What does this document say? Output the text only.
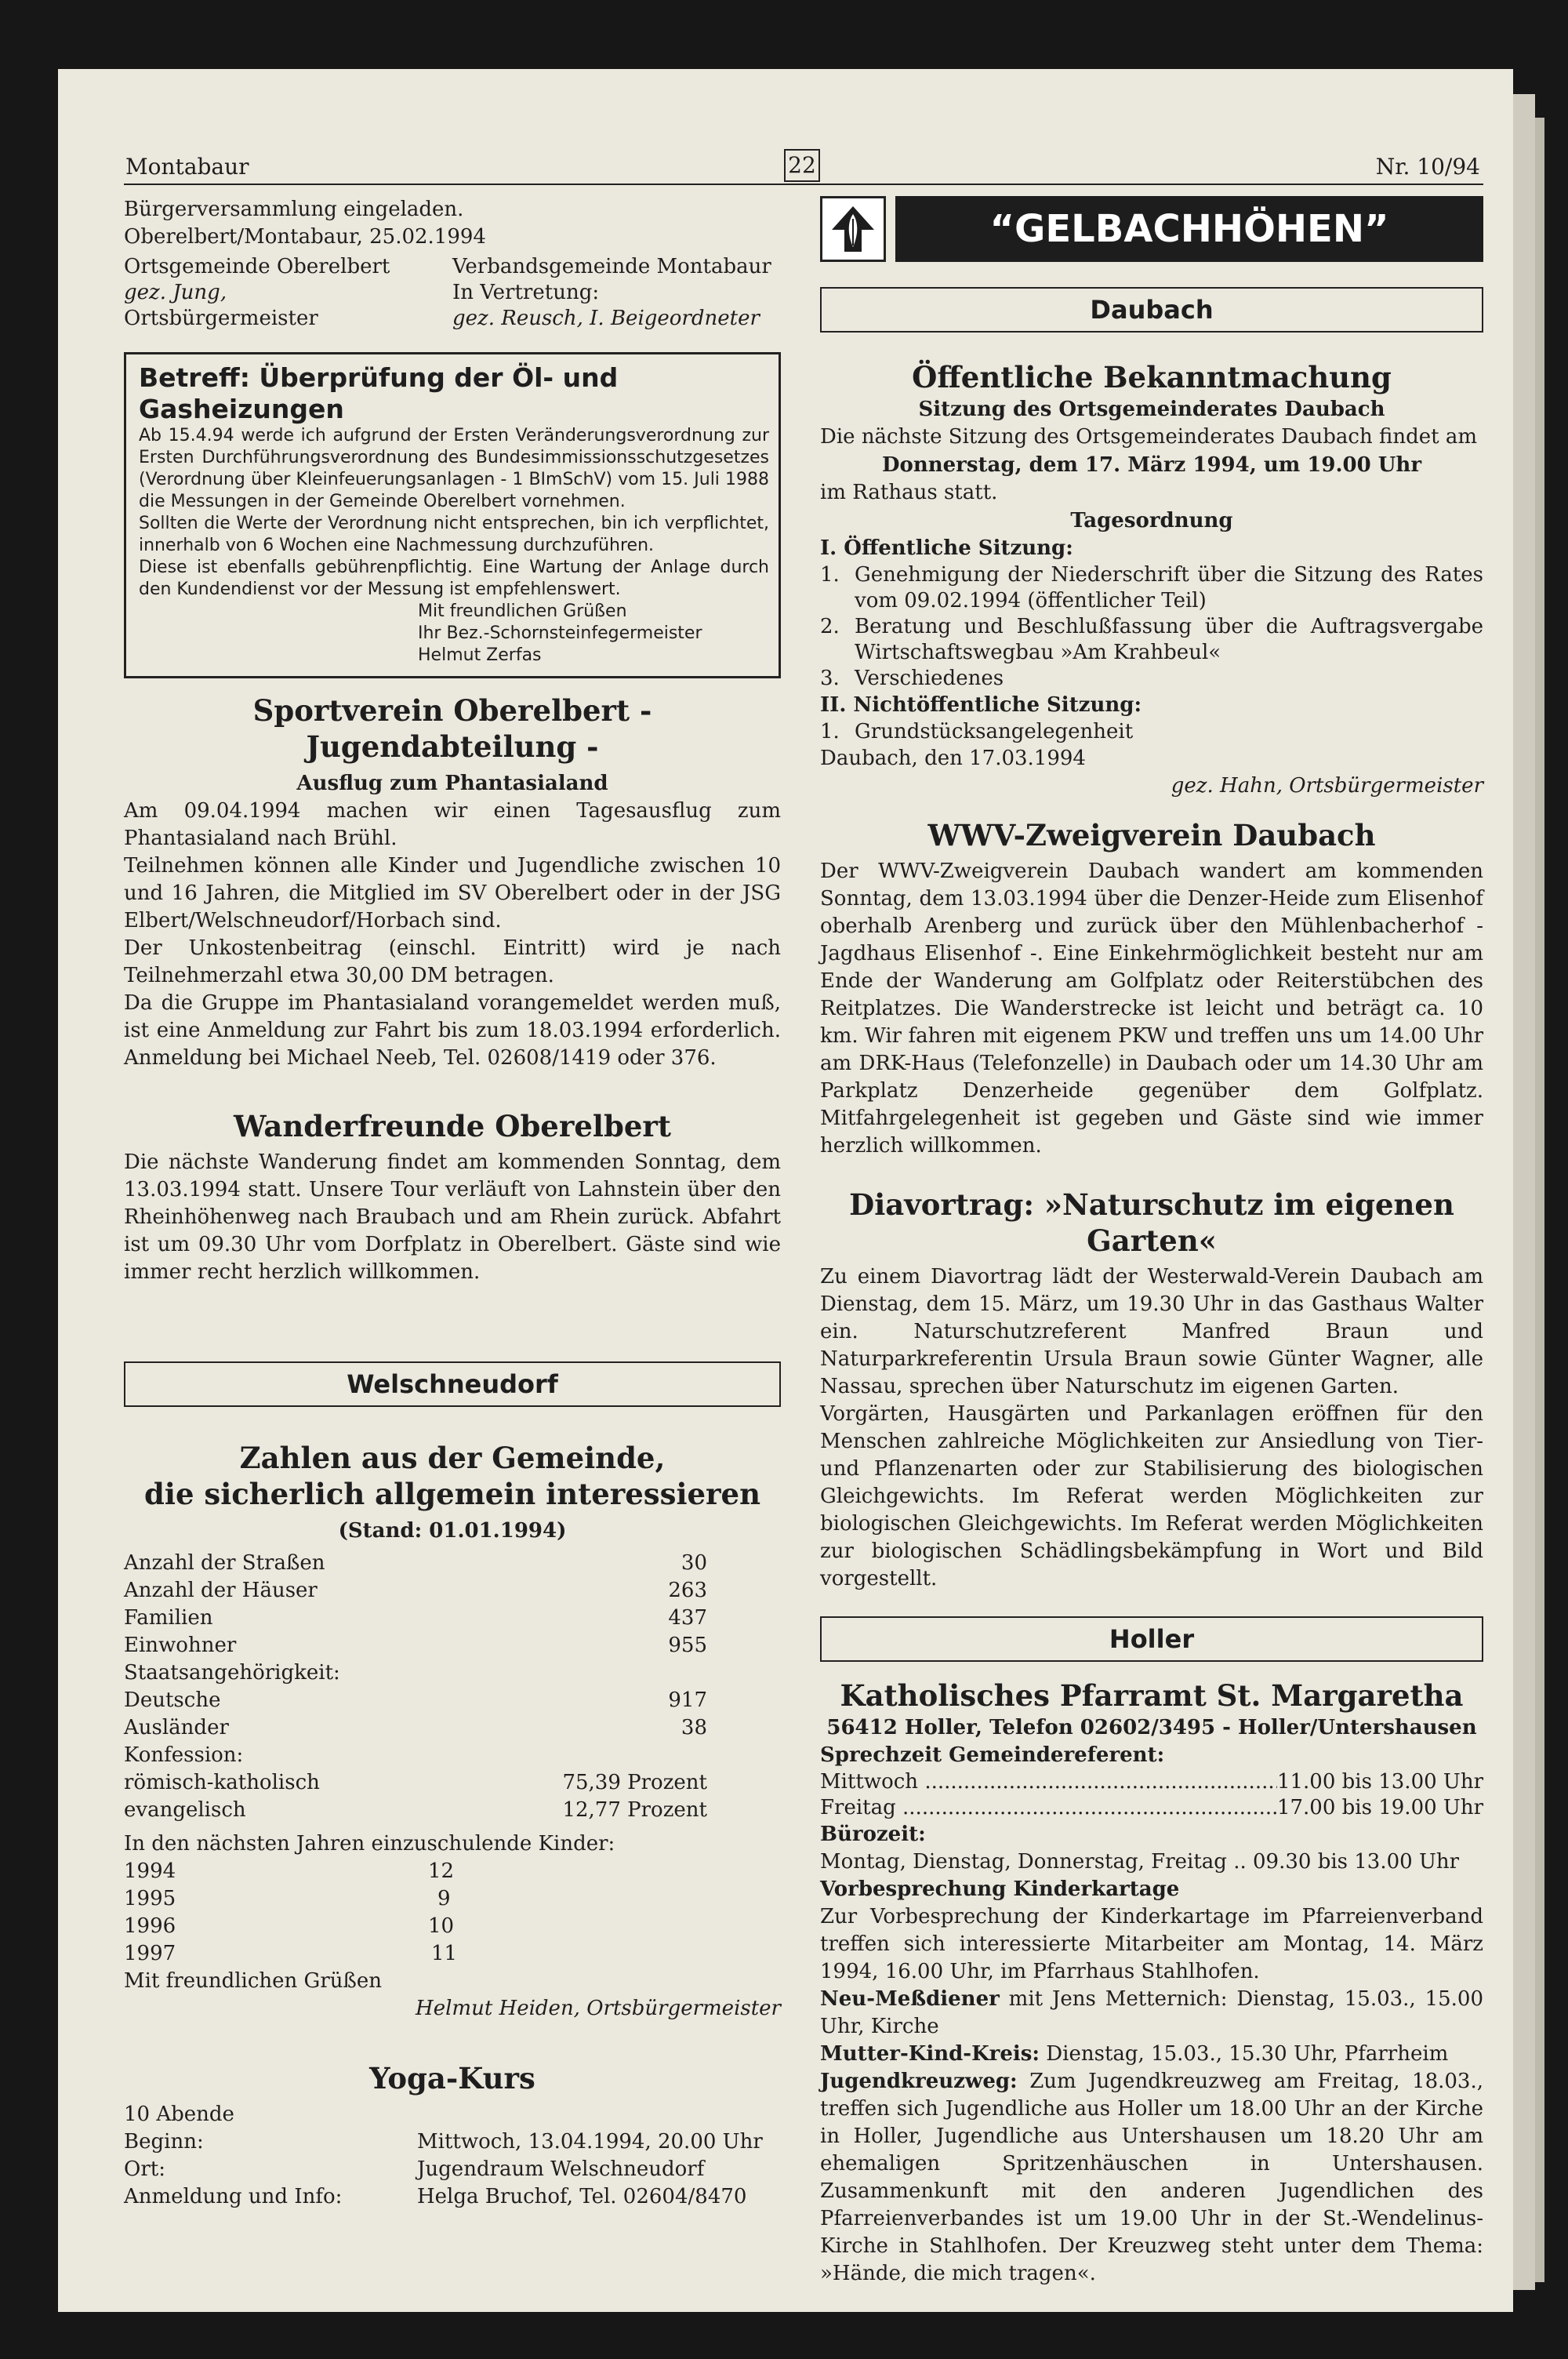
Montabaur	22	Nr. 10/94

Bürgerversammlung eingeladen.

Oberelbert/Montabaur, 25.02.1994

Ortsgemeinde Oberelbert
gez. Jung,
Ortsbürgermeister
Verbandsgemeinde Montabaur
In Vertretung:
gez. Reusch, I. Beigeordneter
Betreff: Überprüfung der Öl- und Gasheizungen

Ab 15.4.94 werde ich aufgrund der Ersten Veränderungsverordnung zur Ersten Durchführungsverordnung des Bundesimmissionsschutzgesetzes (Verordnung über Kleinfeuerungsanlagen - 1 BImSchV) vom 15. Juli 1988 die Messungen in der Gemeinde Oberelbert vornehmen.

Sollten die Werte der Verordnung nicht entsprechen, bin ich verpflichtet, innerhalb von 6 Wochen eine Nachmessung durchzuführen.

Diese ist ebenfalls gebührenpflichtig. Eine Wartung der Anlage durch den Kundendienst vor der Messung ist empfehlenswert.

Mit freundlichen Grüßen
Ihr Bez.-Schornsteinfegermeister
Helmut Zerfas
Sportverein Oberelbert - Jugendabteilung -
Ausflug zum Phantasialand

Am 09.04.1994 machen wir einen Tagesausflug zum Phantasialand nach Brühl.

Teilnehmen können alle Kinder und Jugendliche zwischen 10 und 16 Jahren, die Mitglied im SV Oberelbert oder in der JSG Elbert/Welschneudorf/Horbach sind.

Der Unkostenbeitrag (einschl. Eintritt) wird je nach Teilnehmerzahl etwa 30,00 DM betragen.

Da die Gruppe im Phantasialand vorangemeldet werden muß, ist eine Anmeldung zur Fahrt bis zum 18.03.1994 erforderlich. Anmeldung bei Michael Neeb, Tel. 02608/1419 oder 376.

Wanderfreunde Oberelbert

Die nächste Wanderung findet am kommenden Sonntag, dem 13.03.1994 statt. Unsere Tour verläuft von Lahnstein über den Rheinhöhenweg nach Braubach und am Rhein zurück. Abfahrt ist um 09.30 Uhr vom Dorfplatz in Oberelbert. Gäste sind wie immer recht herzlich willkommen.

Welschneudorf
Zahlen aus der Gemeinde,
die sicherlich allgemein interessieren
(Stand: 01.01.1994)
Anzahl der Straßen	30
Anzahl der Häuser	263
Familien	437
Einwohner	955
Staatsangehörigkeit:
Deutsche	917
Ausländer	38
Konfession:
römisch-katholisch	75,39 Prozent
evangelisch	12,77 Prozent
In den nächsten Jahren einzuschulende Kinder:
1994	12
1995	9
1996	10
1997	11
Mit freundlichen Grüßen
Helmut Heiden, Ortsbürgermeister
Yoga-Kurs
10 Abende
Beginn:	Mittwoch, 13.04.1994, 20.00 Uhr
Ort:	Jugendraum Welschneudorf
Anmeldung und Info:	Helga Bruchof, Tel. 02604/8470
“GELBACHHÖHEN”
Daubach
Öffentliche Bekanntmachung
Sitzung des Ortsgemeinderates Daubach

Die nächste Sitzung des Ortsgemeinderates Daubach findet am

Donnerstag, dem 17. März 1994, um 19.00 Uhr

im Rathaus statt.

Tagesordnung

I. Öffentliche Sitzung:

1. Genehmigung der Niederschrift über die Sitzung des Rates vom 09.02.1994 (öffentlicher Teil)
2. Beratung und Beschlußfassung über die Auftragsvergabe Wirtschaftswegbau »Am Krahbeul«
3. Verschiedenes

II. Nichtöffentliche Sitzung:

1. Grundstücksangelegenheit

Daubach, den 17.03.1994

gez. Hahn, Ortsbürgermeister

WWV-Zweigverein Daubach

Der WWV-Zweigverein Daubach wandert am kommenden Sonntag, dem 13.03.1994 über die Denzer-Heide zum Elisenhof oberhalb Arenberg und zurück über den Mühlenbacherhof - Jagdhaus Elisenhof -. Eine Einkehrmöglichkeit besteht nur am Ende der Wanderung am Golfplatz oder Reiterstübchen des Reitplatzes. Die Wanderstrecke ist leicht und beträgt ca. 10 km. Wir fahren mit eigenem PKW und treffen uns um 14.00 Uhr am DRK-Haus (Telefonzelle) in Daubach oder um 14.30 Uhr am Parkplatz Denzerheide gegenüber dem Golfplatz. Mitfahrgelegenheit ist gegeben und Gäste sind wie immer herzlich willkommen.

Diavortrag: »Naturschutz im eigenen Garten«

Zu einem Diavortrag lädt der Westerwald-Verein Daubach am Dienstag, dem 15. März, um 19.30 Uhr in das Gasthaus Walter ein. Naturschutzreferent Manfred Braun und Naturparkreferentin Ursula Braun sowie Günter Wagner, alle Nassau, sprechen über Naturschutz im eigenen Garten.

Vorgärten, Hausgärten und Parkanlagen eröffnen für den Menschen zahlreiche Möglichkeiten zur Ansiedlung von Tier- und Pflanzenarten oder zur Stabilisierung des biologischen Gleichgewichts. Im Referat werden Möglichkeiten zur biologischen Gleichgewichts. Im Referat werden Möglichkeiten zur biologischen Schädlingsbekämpfung in Wort und Bild vorgestellt.

Holler
Katholisches Pfarramt St. Margaretha
56412 Holler, Telefon 02602/3495 - Holler/Untershausen

Sprechzeit Gemeindereferent:

Mittwoch .....	11.00 bis 13.00 Uhr
Freitag .....	17.00 bis 19.00 Uhr

Bürozeit:

Montag, Dienstag, Donnerstag, Freitag .. 09.30 bis 13.00 Uhr

Vorbesprechung Kinderkartage

Zur Vorbesprechung der Kinderkartage im Pfarreienverband treffen sich interessierte Mitarbeiter am Montag, 14. März 1994, 16.00 Uhr, im Pfarrhaus Stahlhofen.

Neu-Meßdiener mit Jens Metternich: Dienstag, 15.03., 15.00 Uhr, Kirche

Mutter-Kind-Kreis: Dienstag, 15.03., 15.30 Uhr, Pfarrheim

Jugendkreuzweg: Zum Jugendkreuzweg am Freitag, 18.03., treffen sich Jugendliche aus Holler um 18.00 Uhr an der Kirche in Holler, Jugendliche aus Untershausen um 18.20 Uhr am ehemaligen Spritzenhäuschen in Untershausen. Zusammenkunft mit den anderen Jugendlichen des Pfarreienverbandes ist um 19.00 Uhr in der St.-Wendelinus-Kirche in Stahlhofen. Der Kreuzweg steht unter dem Thema: »Hände, die mich tragen«.
